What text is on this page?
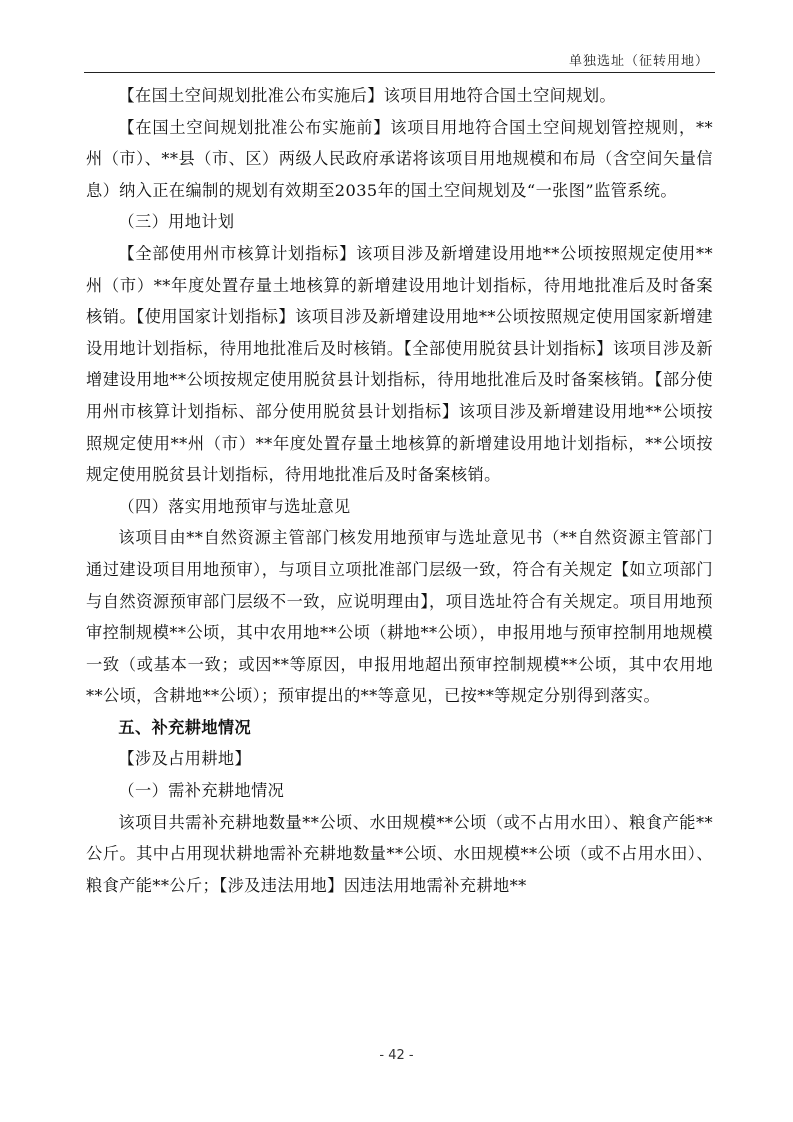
单独选址（征转用地）

【在国土空间规划批准公布实施后】该项目用地符合国土空间规划。

【在国土空间规划批准公布实施前】该项目用地符合国土空间规划管控规则，**州（市）、**县（市、区）两级人民政府承诺将该项目用地规模和布局（含空间矢量信息）纳入正在编制的规划有效期至2035年的国土空间规划及“一张图”监管系统。

（三）用地计划

【全部使用州市核算计划指标】该项目涉及新增建设用地**公顷按照规定使用**州（市）**年度处置存量土地核算的新增建设用地计划指标，待用地批准后及时备案核销。【使用国家计划指标】该项目涉及新增建设用地**公顷按照规定使用国家新增建设用地计划指标，待用地批准后及时核销。【全部使用脱贫县计划指标】该项目涉及新增建设用地**公顷按规定使用脱贫县计划指标，待用地批准后及时备案核销。【部分使用州市核算计划指标、部分使用脱贫县计划指标】该项目涉及新增建设用地**公顷按照规定使用**州（市）**年度处置存量土地核算的新增建设用地计划指标，**公顷按规定使用脱贫县计划指标，待用地批准后及时备案核销。

（四）落实用地预审与选址意见

该项目由**自然资源主管部门核发用地预审与选址意见书（**自然资源主管部门通过建设项目用地预审），与项目立项批准部门层级一致，符合有关规定【如立项部门与自然资源预审部门层级不一致，应说明理由】，项目选址符合有关规定。项目用地预审控制规模**公顷，其中农用地**公顷（耕地**公顷），申报用地与预审控制用地规模一致（或基本一致；或因**等原因，申报用地超出预审控制规模**公顷，其中农用地**公顷，含耕地**公顷）；预审提出的**等意见，已按**等规定分别得到落实。

五、补充耕地情况

【涉及占用耕地】

（一）需补充耕地情况

该项目共需补充耕地数量**公顷、水田规模**公顷（或不占用水田）、粮食产能**公斤。其中占用现状耕地需补充耕地数量**公顷、水田规模**公顷（或不占用水田）、粮食产能**公斤；【涉及违法用地】因违法用地需补充耕地**

- 42 -
